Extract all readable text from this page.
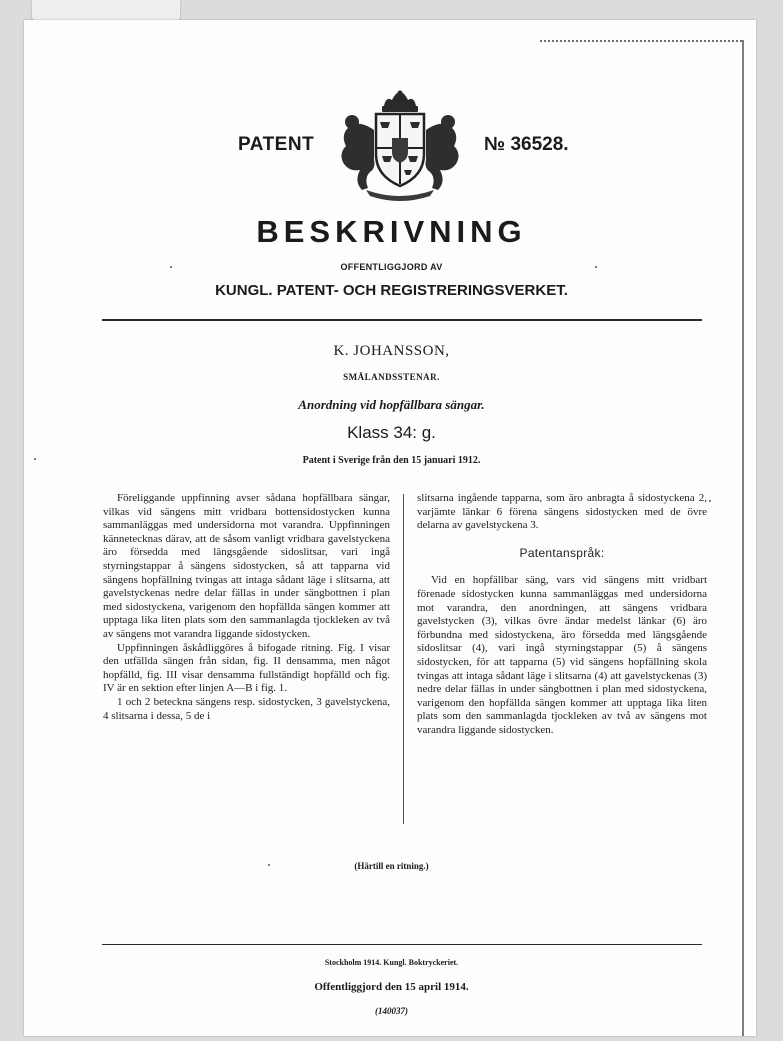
PATENT	№ 36528.
BESKRIVNING
OFFENTLIGGJORD AV
KUNGL. PATENT- OCH REGISTRERINGSVERKET.
K. JOHANSSON,
SMÅLANDSSTENAR.
Anordning vid hopfällbara sängar.
Klass 34: g.
Patent i Sverige från den 15 januari 1912.

Föreliggande uppfinning avser sådana hopfällbara sängar, vilkas vid sängens mitt vridbara bottensidostycken kunna sammanläggas med undersidorna mot varandra. Uppfinningen kännetecknas därav, att de såsom vanligt vridbara gavelstyckena äro försedda med längsgående sidoslitsar, vari ingå styrningstappar å sängens sidostycken, så att tapparna vid sängens hopfällning tvingas att intaga sådant läge i slitsarna, att gavelstyckenas nedre delar fällas in under sängbottnen i plan med sidostyckena, varigenom den hopfällda sängen kommer att upptaga lika liten plats som den sammanlagda tjockleken av två av sängens mot varandra liggande sidostycken.

Uppfinningen åskådliggöres å bifogade ritning. Fig. I visar den utfällda sängen från sidan, fig. II densamma, men något hopfälld, fig. III visar densamma fullständigt hopfälld och fig. IV är en sektion efter linjen A—B i fig. 1.

1 och 2 beteckna sängens resp. sidostycken, 3 gavelstyckena, 4 slitsarna i dessa, 5 de i

slitsarna ingående tapparna, som äro anbragta å sidostyckena 2, varjämte länkar 6 förena sängens sidostycken med de övre delarna av gavelstyckena 3.

Patentanspråk:

Vid en hopfällbar säng, vars vid sängens mitt vridbart förenade sidostycken kunna sammanläggas med undersidorna mot varandra, den anordningen, att sängens vridbara gavelstycken (3), vilkas övre ändar medelst länkar (6) äro förbundna med sidostyckena, äro försedda med längsgående sidoslitsar (4), vari ingå styrningstappar (5) å sängens sidostycken, för att tapparna (5) vid sängens hopfällning skola tvingas att intaga sådant läge i slitsarna (4) att gavelstyckenas (3) nedre delar fällas in under sängbottnen i plan med sidostyckena, varigenom den hopfällda sängen kommer att upptaga lika liten plats som den sammanlagda tjockleken av två av sängens mot varandra liggande sidostycken.

(Härtill en ritning.)
Stockholm 1914. Kungl. Boktryckeriet.
Offentliggjord den 15 april 1914.
(140037)
